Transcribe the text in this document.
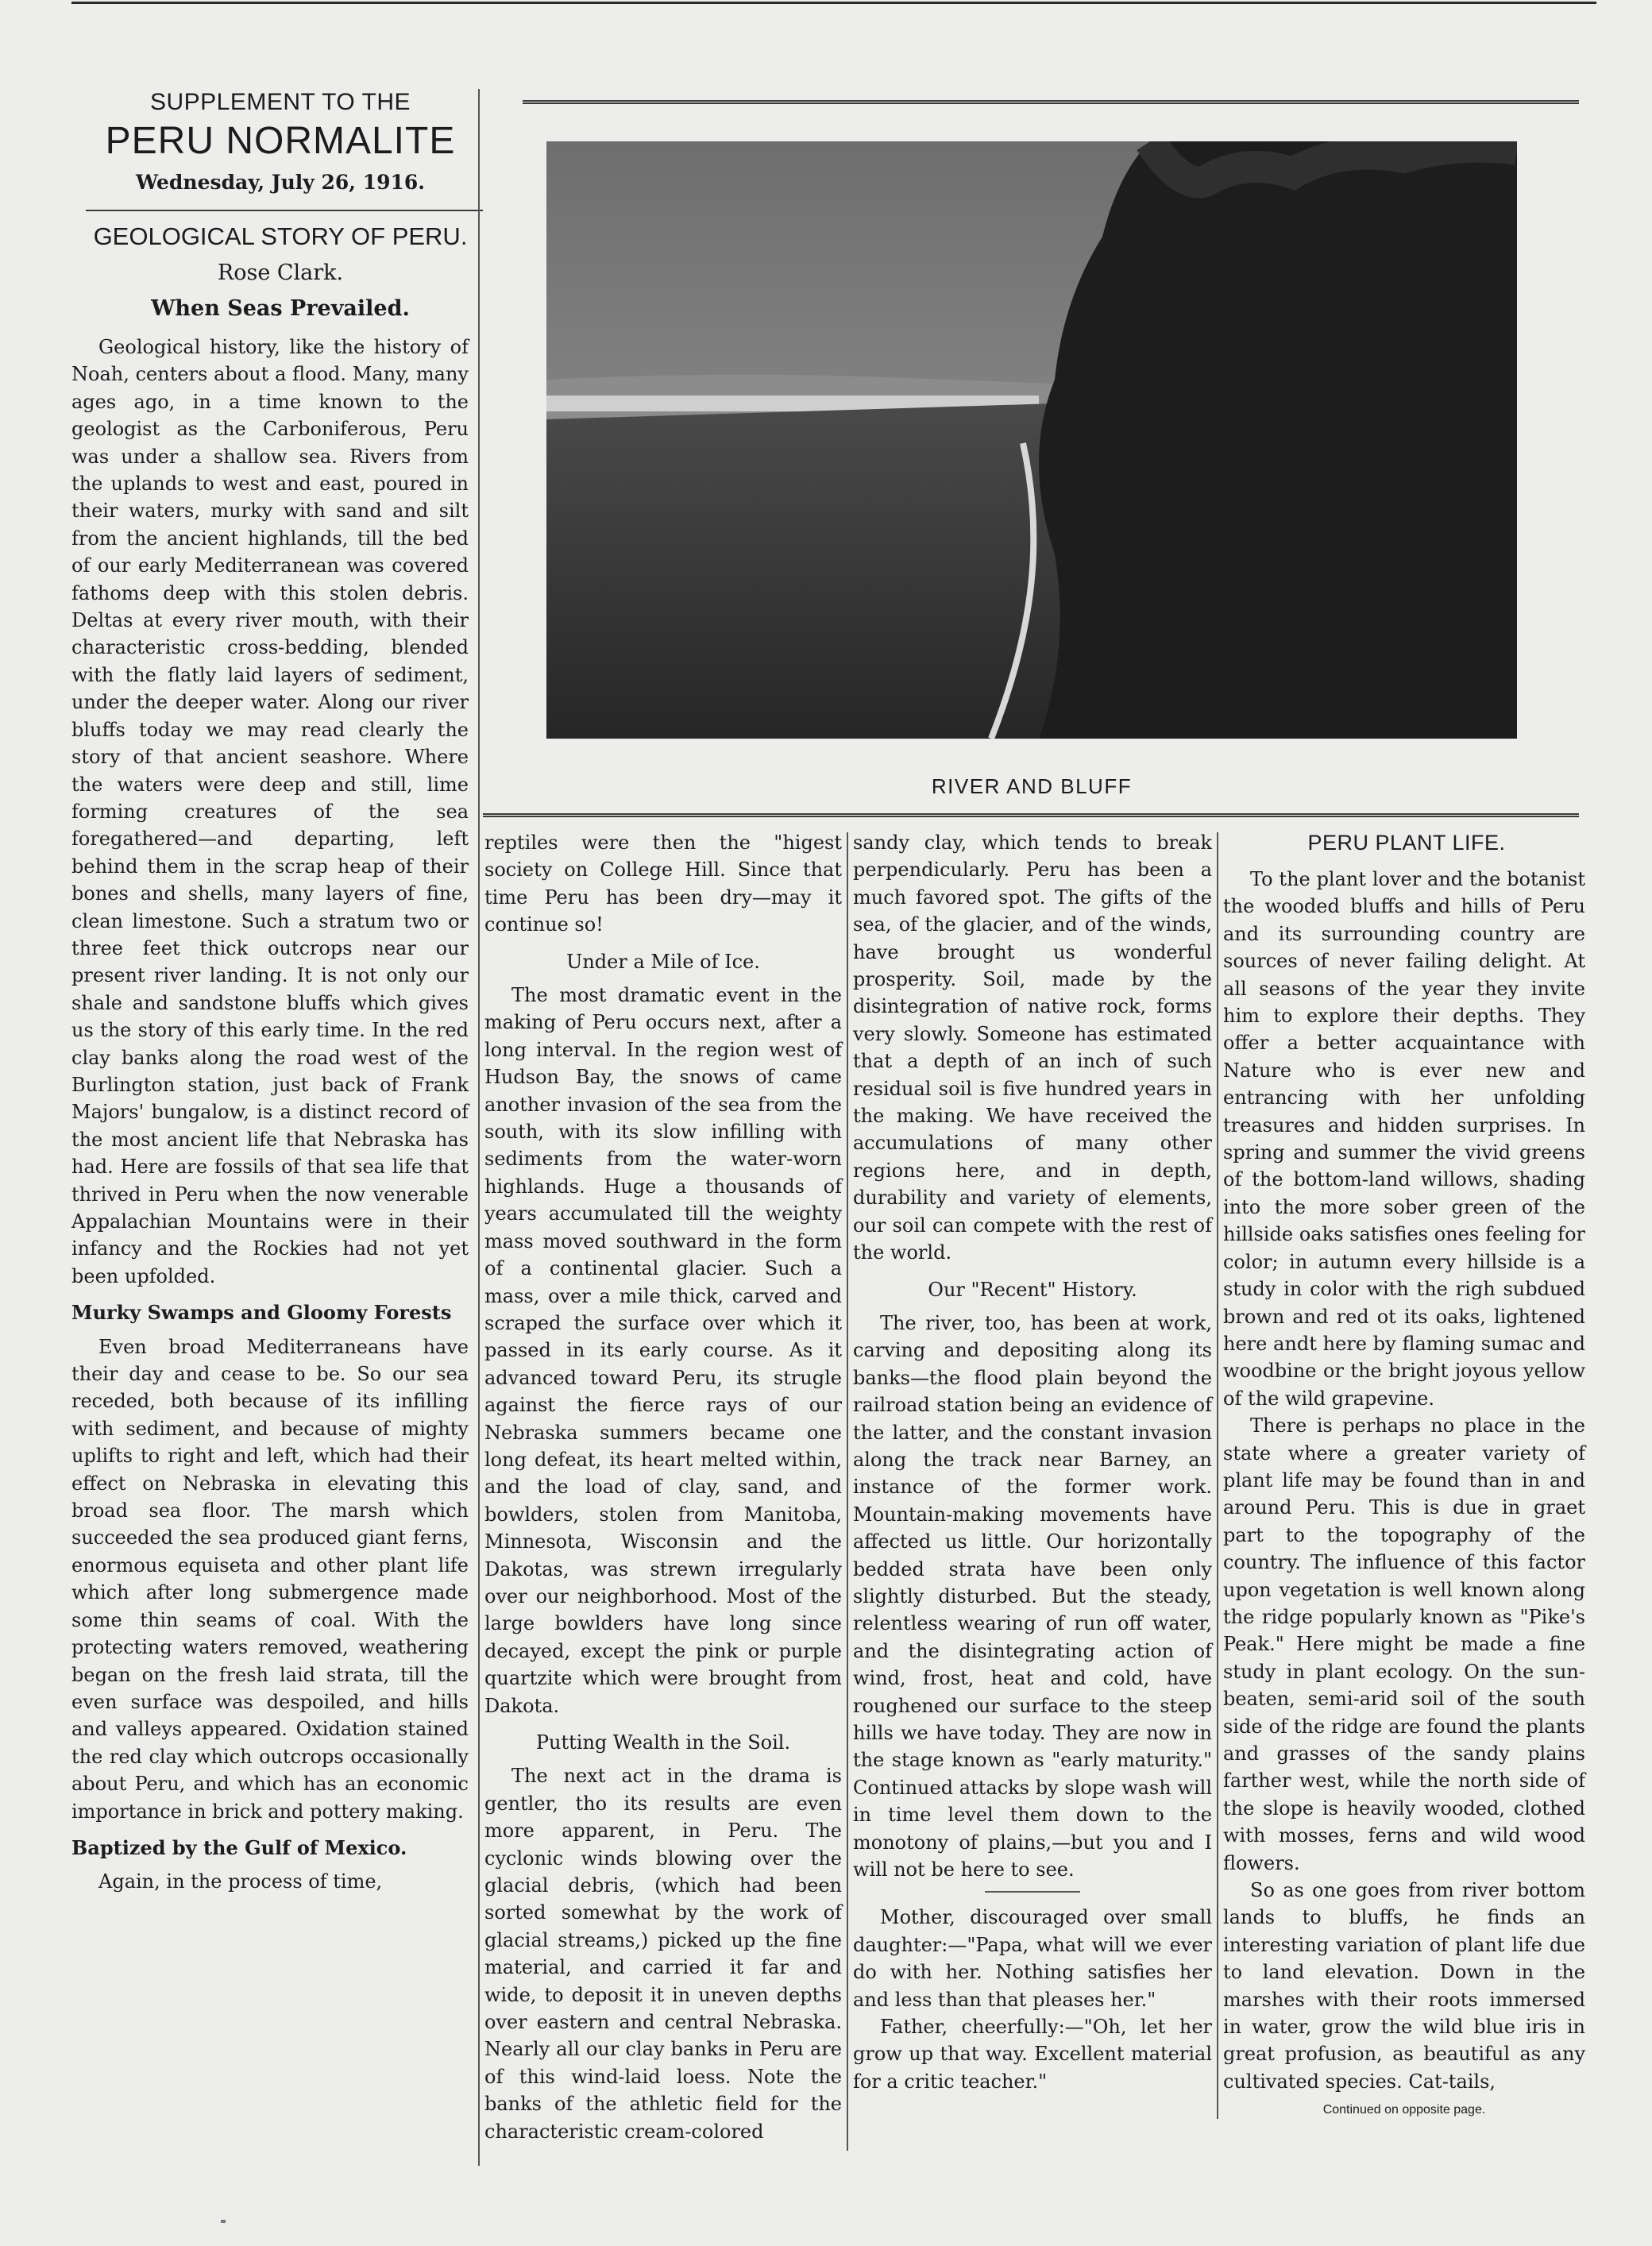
SUPPLEMENT TO THE
PERU NORMALITE
Wednesday, July 26, 1916.
GEOLOGICAL STORY OF PERU.
Rose Clark.
When Seas Prevailed.

Geological history, like the history of Noah, centers about a flood. Many, many ages ago, in a time known to the geologist as the Carboniferous, Peru was under a shallow sea. Rivers from the uplands to west and east, poured in their waters, murky with sand and silt from the ancient highlands, till the bed of our early Mediterranean was covered fathoms deep with this stolen debris. Deltas at every river mouth, with their characteristic cross-bedding, blended with the flatly laid layers of sediment, under the deeper water. Along our river bluffs today we may read clearly the story of that ancient seashore. Where the waters were deep and still, lime forming creatures of the sea foregathered—and departing, left behind them in the scrap heap of their bones and shells, many layers of fine, clean limestone. Such a stratum two or three feet thick outcrops near our present river landing. It is not only our shale and sandstone bluffs which gives us the story of this early time. In the red clay banks along the road west of the Burlington station, just back of Frank Majors' bungalow, is a distinct record of the most ancient life that Nebraska has had. Here are fossils of that sea life that thrived in Peru when the now venerable Appalachian Mountains were in their infancy and the Rockies had not yet been upfolded.

Murky Swamps and Gloomy Forests

Even broad Mediterraneans have their day and cease to be. So our sea receded, both because of its infilling with sediment, and because of mighty uplifts to right and left, which had their effect on Nebraska in elevating this broad sea floor. The marsh which succeeded the sea produced giant ferns, enormous equiseta and other plant life which after long submergence made some thin seams of coal. With the protecting waters removed, weathering began on the fresh laid strata, till the even surface was despoiled, and hills and valleys appeared. Oxidation stained the red clay which outcrops occasionally about Peru, and which has an economic importance in brick and pottery making.

Baptized by the Gulf of Mexico.

Again, in the process of time,

RIVER AND BLUFF

reptiles were then the "higest society on College Hill. Since that time Peru has been dry—may it continue so!

Under a Mile of Ice.

The most dramatic event in the making of Peru occurs next, after a long interval. In the region west of Hudson Bay, the snows of came another invasion of the sea from the south, with its slow infilling with sediments from the water-worn highlands. Huge a thousands of years accumulated till the weighty mass moved southward in the form of a continental glacier. Such a mass, over a mile thick, carved and scraped the surface over which it passed in its early course. As it advanced toward Peru, its strugle against the fierce rays of our Nebraska summers became one long defeat, its heart melted within, and the load of clay, sand, and bowlders, stolen from Manitoba, Minnesota, Wisconsin and the Dakotas, was strewn irregularly over our neighborhood. Most of the large bowlders have long since decayed, except the pink or purple quartzite which were brought from Dakota.

Putting Wealth in the Soil.

The next act in the drama is gentler, tho its results are even more apparent, in Peru. The cyclonic winds blowing over the glacial debris, (which had been sorted somewhat by the work of glacial streams,) picked up the fine material, and carried it far and wide, to deposit it in uneven depths over eastern and central Nebraska. Nearly all our clay banks in Peru are of this wind-laid loess. Note the banks of the athletic field for the characteristic cream-colored

sandy clay, which tends to break perpendicularly. Peru has been a much favored spot. The gifts of the sea, of the glacier, and of the winds, have brought us wonderful prosperity. Soil, made by the disintegration of native rock, forms very slowly. Someone has estimated that a depth of an inch of such residual soil is five hundred years in the making. We have received the accumulations of many other regions here, and in depth, durability and variety of elements, our soil can compete with the rest of the world.

Our "Recent" History.

The river, too, has been at work, carving and depositing along its banks—the flood plain beyond the railroad station being an evidence of the latter, and the constant invasion along the track near Barney, an instance of the former work. Mountain-making movements have affected us little. Our horizontally bedded strata have been only slightly disturbed. But the steady, relentless wearing of run off water, and the disintegrating action of wind, frost, heat and cold, have roughened our surface to the steep hills we have today. They are now in the stage known as "early maturity." Continued attacks by slope wash will in time level them down to the monotony of plains,—but you and I will not be here to see.

Mother, discouraged over small daughter:—"Papa, what will we ever do with her. Nothing satisfies her and less than that pleases her."

Father, cheerfully:—"Oh, let her grow up that way. Excellent material for a critic teacher."

PERU PLANT LIFE.

To the plant lover and the botanist the wooded bluffs and hills of Peru and its surrounding country are sources of never failing delight. At all seasons of the year they invite him to explore their depths. They offer a better acquaintance with Nature who is ever new and entrancing with her unfolding treasures and hidden surprises. In spring and summer the vivid greens of the bottom-land willows, shading into the more sober green of the hillside oaks satisfies ones feeling for color; in autumn every hillside is a study in color with the righ subdued brown and red ot its oaks, lightened here andt here by flaming sumac and woodbine or the bright joyous yellow of the wild grapevine.

There is perhaps no place in the state where a greater variety of plant life may be found than in and around Peru. This is due in graet part to the topography of the country. The influence of this factor upon vegetation is well known along the ridge popularly known as "Pike's Peak." Here might be made a fine study in plant ecology. On the sun-beaten, semi-arid soil of the south side of the ridge are found the plants and grasses of the sandy plains farther west, while the north side of the slope is heavily wooded, clothed with mosses, ferns and wild wood flowers.

So as one goes from river bottom lands to bluffs, he finds an interesting variation of plant life due to land elevation. Down in the marshes with their roots immersed in water, grow the wild blue iris in great profusion, as beautiful as any cultivated species. Cat-tails,

Continued on opposite page.
